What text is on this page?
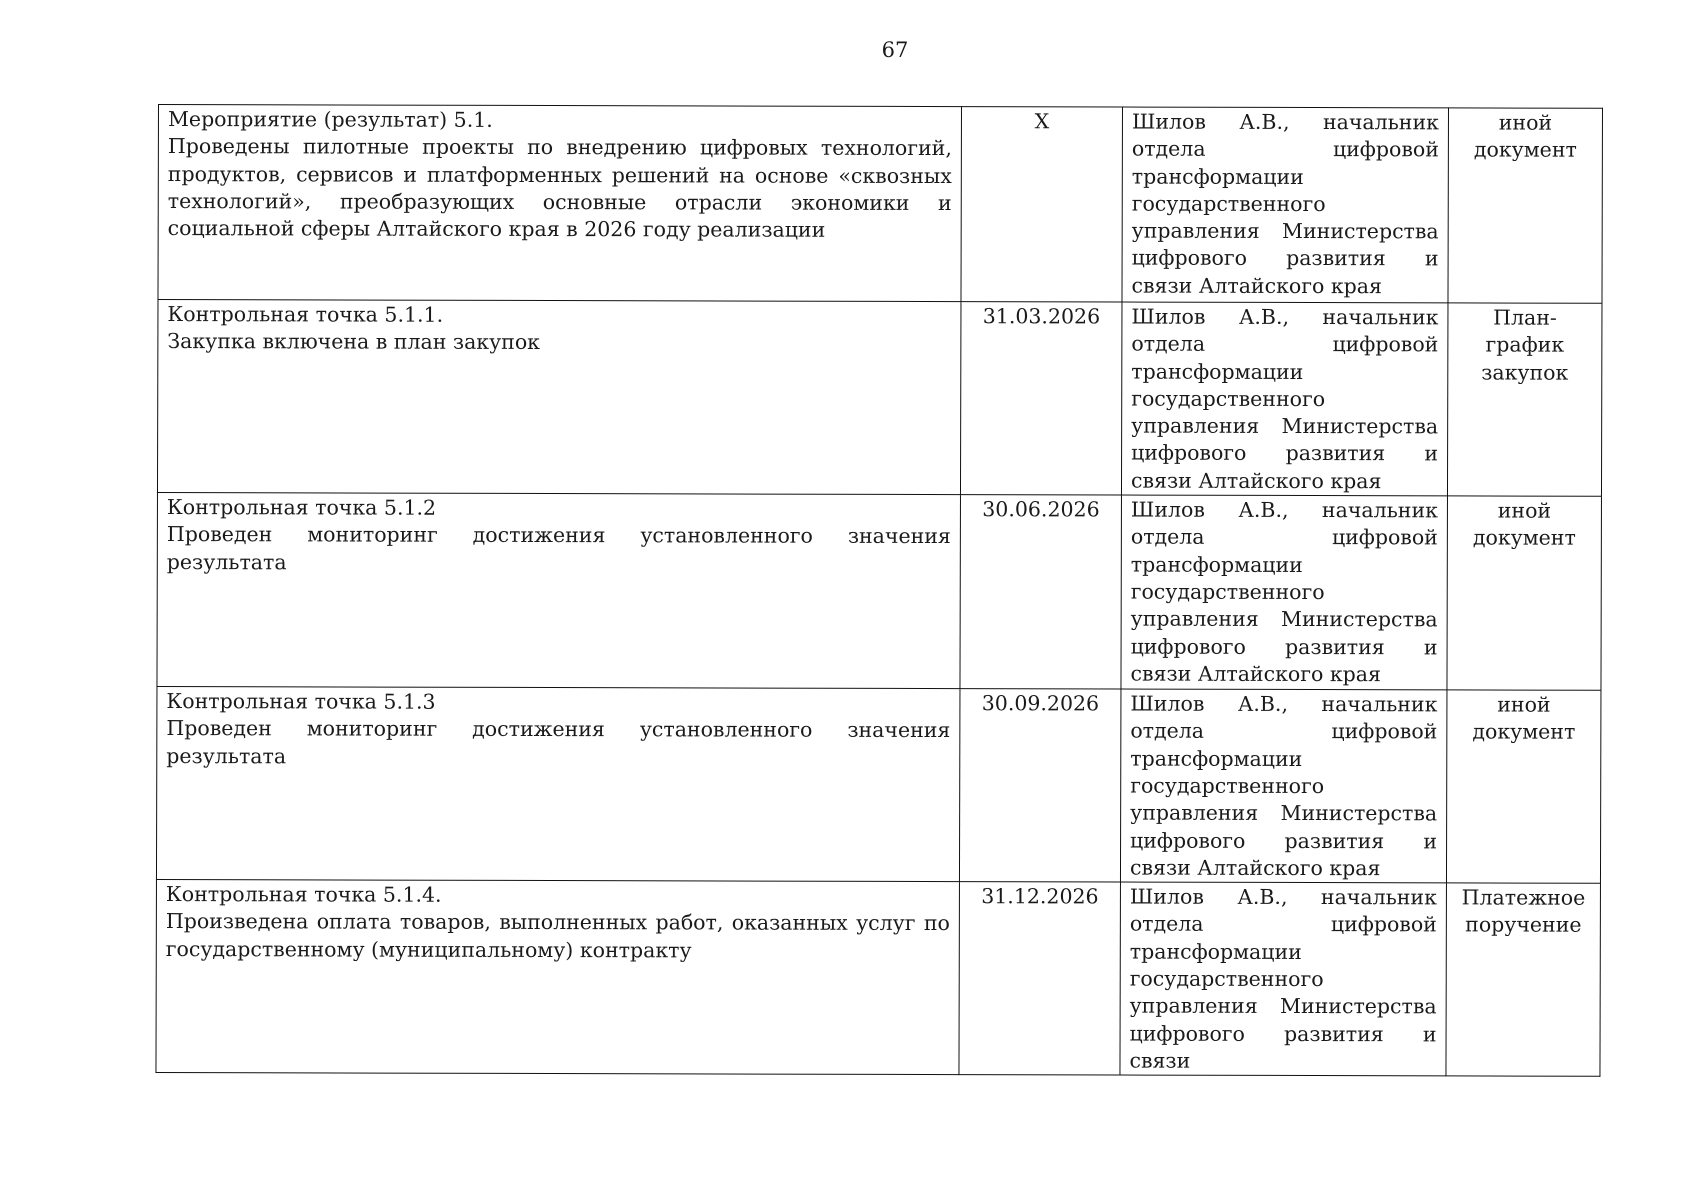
67
Мероприятие (результат) 5.1.
Проведены пилотные проекты по внедрению цифровых технологий, продуктов, сервисов и платформенных решений на основе «сквозных технологий», преобразующих основные отрасли экономики и социальной сферы Алтайского края в 2026 году реализации	X	Шилов А.В., начальник отдела цифровой трансформации государственного управления Министерства цифрового развития и связи Алтайского края	иной документ

Контрольная точка 5.1.1.
Закупка включена в план закупок	31.03.2026	Шилов А.В., начальник отдела цифровой трансформации государственного управления Министерства цифрового развития и связи Алтайского края	План-график закупок

Контрольная точка 5.1.2
Проведен мониторинг достижения установленного значения результата	30.06.2026	Шилов А.В., начальник отдела цифровой трансформации государственного управления Министерства цифрового развития и связи Алтайского края	иной документ

Контрольная точка 5.1.3
Проведен мониторинг достижения установленного значения результата	30.09.2026	Шилов А.В., начальник отдела цифровой трансформации государственного управления Министерства цифрового развития и связи Алтайского края	иной документ

Контрольная точка 5.1.4.
Произведена оплата товаров, выполненных работ, оказанных услуг по государственному (муниципальному) контракту	31.12.2026	Шилов А.В., начальник отдела цифровой трансформации государственного управления Министерства цифрового развития и связи	Платежное поручение
